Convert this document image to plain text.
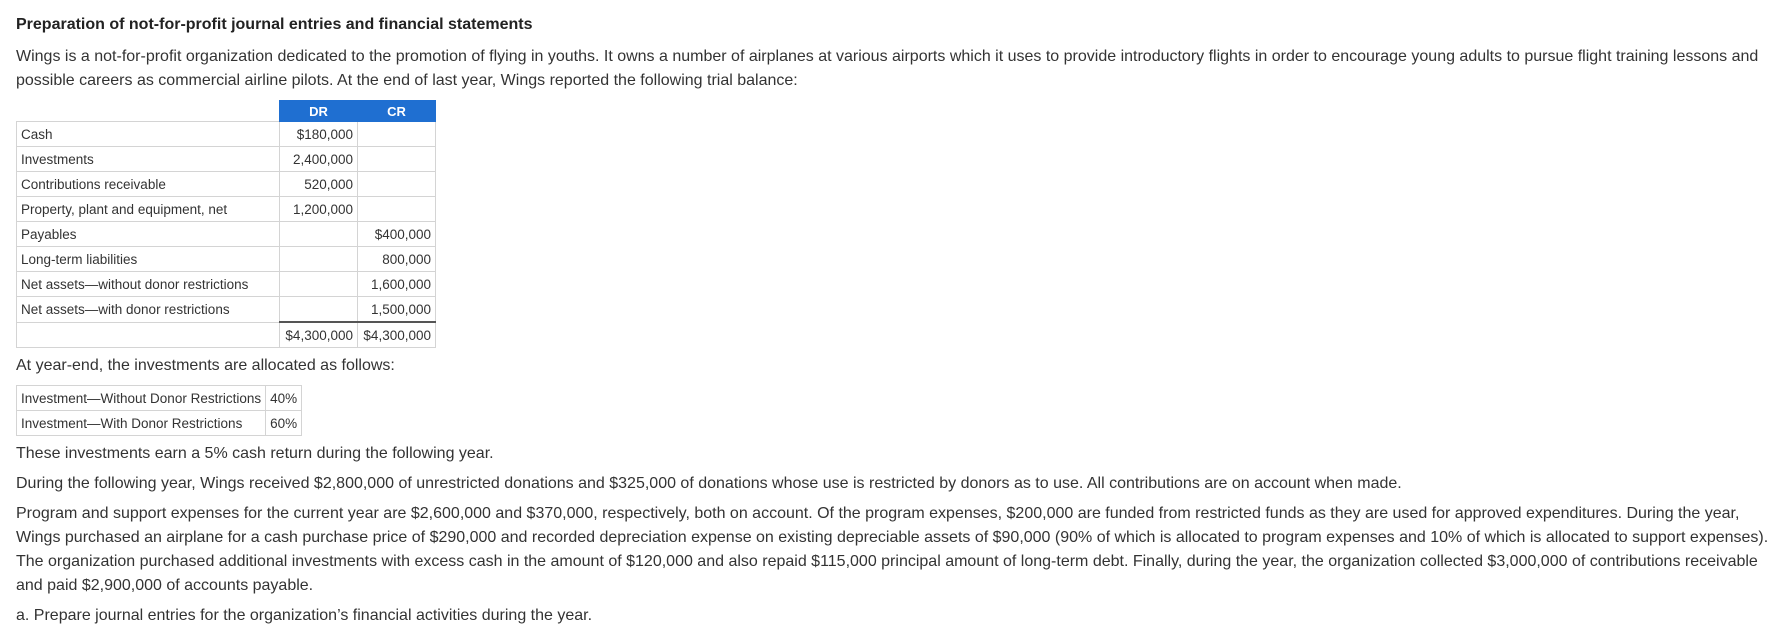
Preparation of not-for-profit journal entries and financial statements

Wings is a not-for-profit organization dedicated to the promotion of flying in youths. It owns a number of airplanes at various airports which it uses to provide introductory flights in order to encourage young adults to pursue flight training lessons and possible careers as commercial airline pilots. At the end of last year, Wings reported the following trial balance:

	DR	CR
Cash	$180,000	
Investments	2,400,000	
Contributions receivable	520,000	
Property, plant and equipment, net	1,200,000	
Payables		$400,000
Long-term liabilities		800,000
Net assets—without donor restrictions		1,600,000
Net assets—with donor restrictions		1,500,000
	$4,300,000	$4,300,000

At year-end, the investments are allocated as follows:

Investment—Without Donor Restrictions	40%
Investment—With Donor Restrictions	60%

These investments earn a 5% cash return during the following year.

During the following year, Wings received $2,800,000 of unrestricted donations and $325,000 of donations whose use is restricted by donors as to use. All contributions are on account when made.

Program and support expenses for the current year are $2,600,000 and $370,000, respectively, both on account. Of the program expenses, $200,000 are funded from restricted funds as they are used for approved expenditures. During the year, Wings purchased an airplane for a cash purchase price of $290,000 and recorded depreciation expense on existing depreciable assets of $90,000 (90% of which is allocated to program expenses and 10% of which is allocated to support expenses). The organization purchased additional investments with excess cash in the amount of $120,000 and also repaid $115,000 principal amount of long-term debt. Finally, during the year, the organization collected $3,000,000 of contributions receivable and paid $2,900,000 of accounts payable.

a. Prepare journal entries for the organization’s financial activities during the year.
